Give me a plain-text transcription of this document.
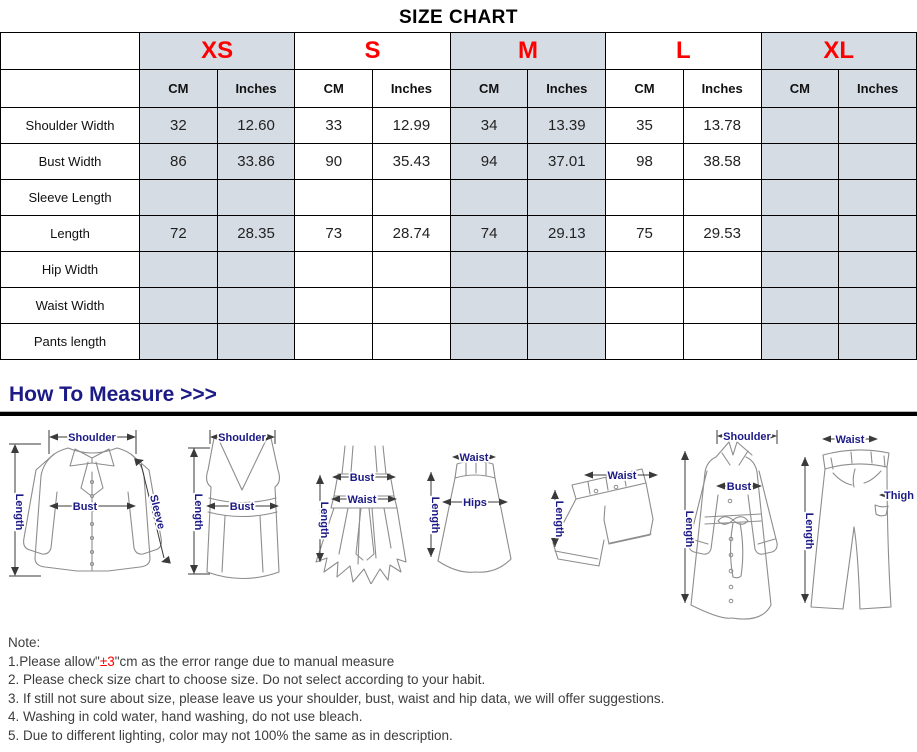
SIZE CHART
	XS		S		M		L		XL	
	CM	Inches	CM	Inches	CM	Inches	CM	Inches	CM	Inches
Shoulder Width	32	12.60	33	12.99	34	13.39	35	13.78		
Bust Width	86	33.86	90	35.43	94	37.01	98	38.58		
Sleeve Length										
Length	72	28.35	73	28.74	74	29.13	75	29.53		
Hip Width										
Waist Width										
Pants length										
How To Measure >>>
Shoulder
Length	Bust	Sleeve
Shoulder
Length Bust
Bust
Waist
Length
Waist
Hips
Length
Waist
Length
Shoulder
Bust
Length
Waist
Thigh
Length
Note:
1.Please allow"±3"cm as the error range due to manual measure
2. Please check size chart to choose size. Do not select according to your habit.
3. If still not sure about size, please leave us your shoulder, bust, waist and hip data, we will offer suggestions.
4. Washing in cold water, hand washing, do not use bleach.
5. Due to different lighting, color may not 100% the same as in description.
